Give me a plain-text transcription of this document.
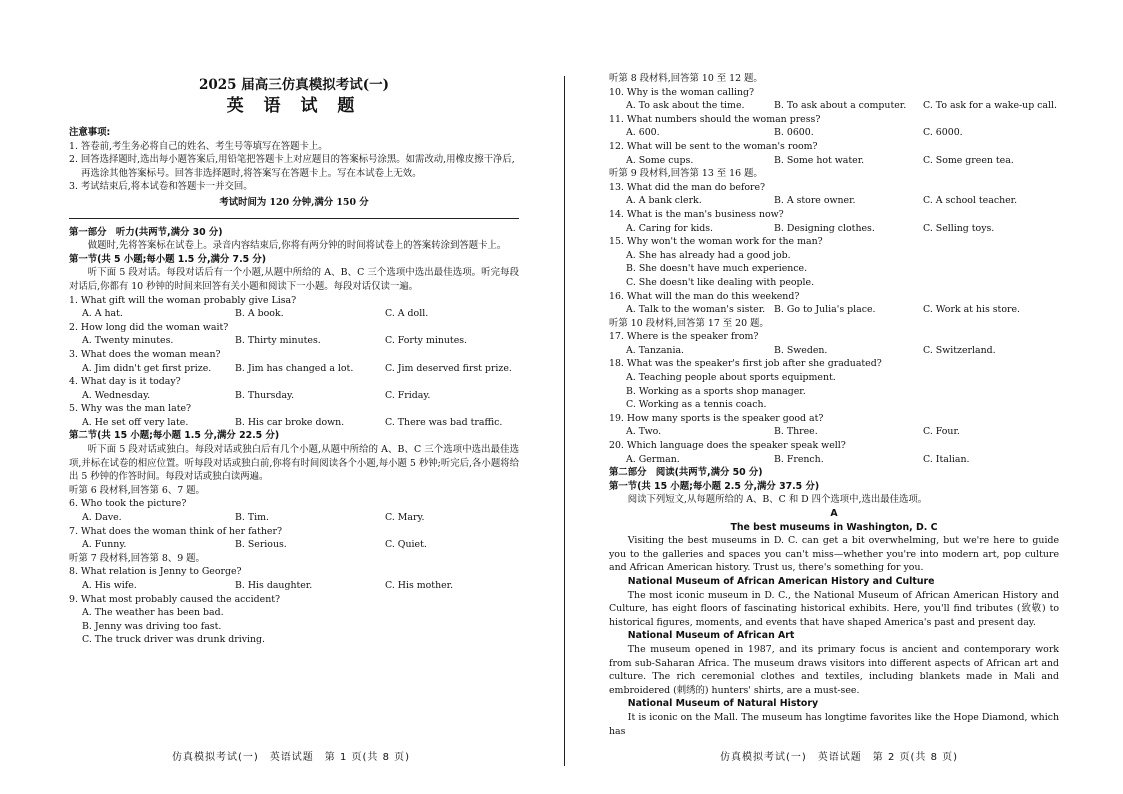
2025 届高三仿真模拟考试(一)
英 语 试 题
注意事项:
1. 答卷前,考生务必将自己的姓名、考生号等填写在答题卡上。
2. 回答选择题时,选出每小题答案后,用铅笔把答题卡上对应题目的答案标号涂黑。如需改动,用橡皮擦干净后,再选涂其他答案标号。回答非选择题时,将答案写在答题卡上。写在本试卷上无效。
3. 考试结束后,将本试卷和答题卡一并交回。
考试时间为 120 分钟,满分 150 分
第一部分　听力(共两节,满分 30 分)
做题时,先将答案标在试卷上。录音内容结束后,你将有两分钟的时间将试卷上的答案转涂到答题卡上。
第一节(共 5 小题;每小题 1.5 分,满分 7.5 分)
听下面 5 段对话。每段对话后有一个小题,从题中所给的 A、B、C 三个选项中选出最佳选项。听完每段对话后,你都有 10 秒钟的时间来回答有关小题和阅读下一小题。每段对话仅读一遍。
1. What gift will the woman probably give Lisa?
A. A hat.	B. A book.	C. A doll.
2. How long did the woman wait?
A. Twenty minutes.	B. Thirty minutes.	C. Forty minutes.
3. What does the woman mean?
A. Jim didn't get first prize.	B. Jim has changed a lot.	C. Jim deserved first prize.
4. What day is it today?
A. Wednesday.	B. Thursday.	C. Friday.
5. Why was the man late?
A. He set off very late.	B. His car broke down.	C. There was bad traffic.
第二节(共 15 小题;每小题 1.5 分,满分 22.5 分)
听下面 5 段对话或独白。每段对话或独白后有几个小题,从题中所给的 A、B、C 三个选项中选出最佳选项,并标在试卷的相应位置。听每段对话或独白前,你将有时间阅读各个小题,每小题 5 秒钟;听完后,各小题将给出 5 秒钟的作答时间。每段对话或独白读两遍。
听第 6 段材料,回答第 6、7 题。
6. Who took the picture?
A. Dave.	B. Tim.	C. Mary.
7. What does the woman think of her father?
A. Funny.	B. Serious.	C. Quiet.
听第 7 段材料,回答第 8、9 题。
8. What relation is Jenny to George?
A. His wife.	B. His daughter.	C. His mother.
9. What most probably caused the accident?
A. The weather has been bad.
B. Jenny was driving too fast.
C. The truck driver was drunk driving.
听第 8 段材料,回答第 10 至 12 题。
10. Why is the woman calling?
A. To ask about the time.	B. To ask about a computer.	C. To ask for a wake-up call.
11. What numbers should the woman press?
A. 600.	B. 0600.	C. 6000.
12. What will be sent to the woman's room?
A. Some cups.	B. Some hot water.	C. Some green tea.
听第 9 段材料,回答第 13 至 16 题。
13. What did the man do before?
A. A bank clerk.	B. A store owner.	C. A school teacher.
14. What is the man's business now?
A. Caring for kids.	B. Designing clothes.	C. Selling toys.
15. Why won't the woman work for the man?
A. She has already had a good job.
B. She doesn't have much experience.
C. She doesn't like dealing with people.
16. What will the man do this weekend?
A. Talk to the woman's sister. B. Go to Julia's place.	C. Work at his store.
听第 10 段材料,回答第 17 至 20 题。
17. Where is the speaker from?
A. Tanzania.	B. Sweden.	C. Switzerland.
18. What was the speaker's first job after she graduated?
A. Teaching people about sports equipment.
B. Working as a sports shop manager.
C. Working as a tennis coach.
19. How many sports is the speaker good at?
A. Two.	B. Three.	C. Four.
20. Which language does the speaker speak well?
A. German.	B. French.	C. Italian.
第二部分　阅读(共两节,满分 50 分)
第一节(共 15 小题;每小题 2.5 分,满分 37.5 分)
阅读下列短文,从每题所给的 A、B、C 和 D 四个选项中,选出最佳选项。
A
The best museums in Washington, D. C
Visiting the best museums in D. C. can get a bit overwhelming, but we're here to guide you to the galleries and spaces you can't miss—whether you're into modern art, pop culture and African American history. Trust us, there's something for you.
National Museum of African American History and Culture
The most iconic museum in D. C., the National Museum of African American History and Culture, has eight floors of fascinating historical exhibits. Here, you'll find tributes (致敬) to historical figures, moments, and events that have shaped America's past and present day.
National Museum of African Art
The museum opened in 1987, and its primary focus is ancient and contemporary work from sub-Saharan Africa. The museum draws visitors into different aspects of African art and culture. The rich ceremonial clothes and textiles, including blankets made in Mali and embroidered (刺绣的) hunters' shirts, are a must-see.
National Museum of Natural History
It is iconic on the Mall. The museum has longtime favorites like the Hope Diamond, which has
仿真模拟考试(一)　英语试题　第 1 页(共 8 页)	仿真模拟考试(一)　英语试题　第 2 页(共 8 页)
